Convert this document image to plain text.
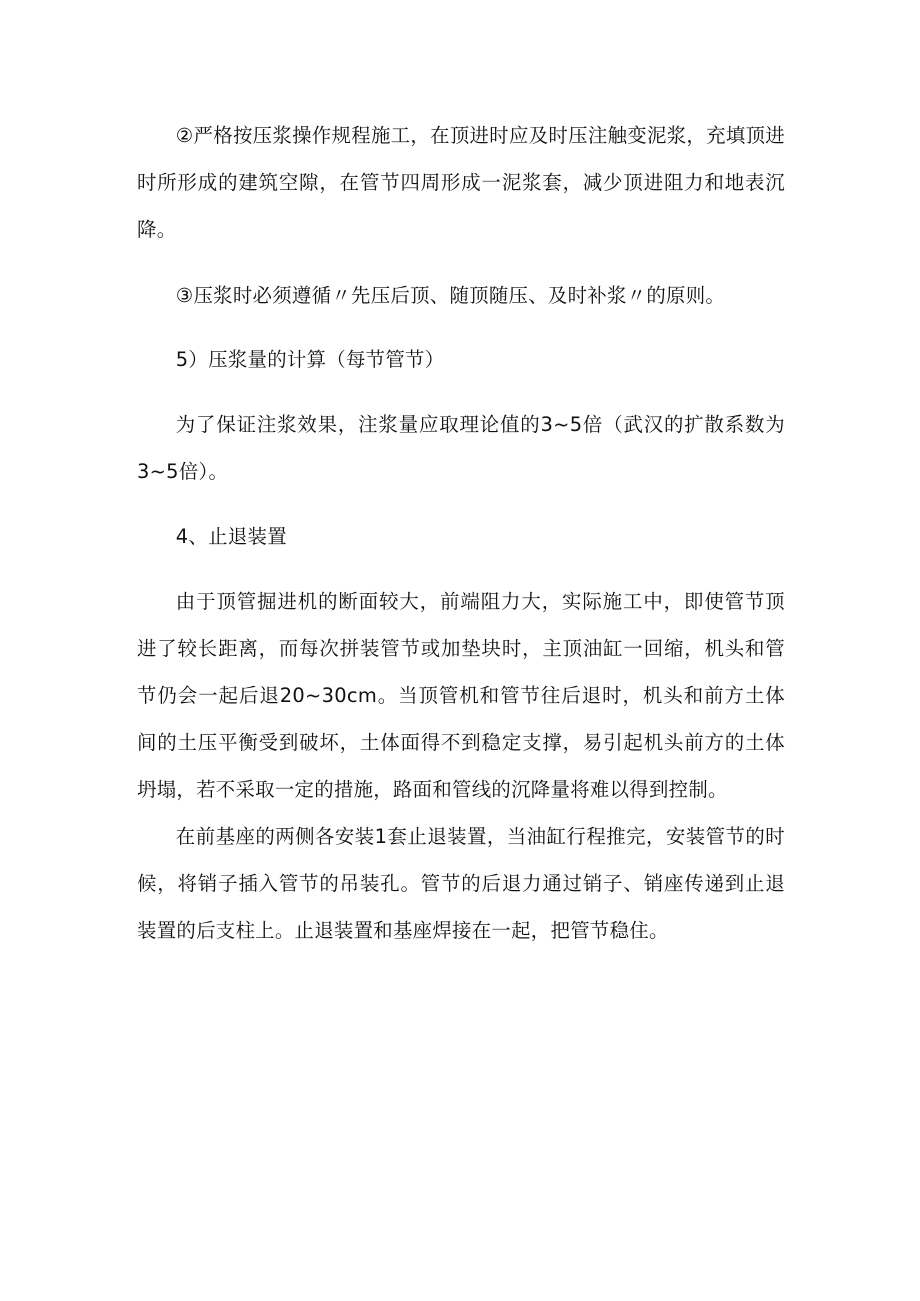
②严格按压浆操作规程施工，在顶进时应及时压注触变泥浆，充填顶进时所形成的建筑空隙，在管节四周形成一泥浆套，减少顶进阻力和地表沉降。

③压浆时必须遵循〃先压后顶、随顶随压、及时补浆〃的原则。

5）压浆量的计算（每节管节）

为了保证注浆效果，注浆量应取理论值的3~5倍（武汉的扩散系数为3~5倍）。

4、止退装置

由于顶管掘进机的断面较大，前端阻力大，实际施工中，即使管节顶进了较长距离，而每次拼装管节或加垫块时，主顶油缸一回缩，机头和管节仍会一起后退20~30cm。当顶管机和管节往后退时，机头和前方土体间的土压平衡受到破坏，土体面得不到稳定支撑，易引起机头前方的土体坍塌，若不采取一定的措施，路面和管线的沉降量将难以得到控制。

在前基座的两侧各安装1套止退装置，当油缸行程推完，安装管节的时候，将销子插入管节的吊装孔。管节的后退力通过销子、销座传递到止退装置的后支柱上。止退装置和基座焊接在一起，把管节稳住。
